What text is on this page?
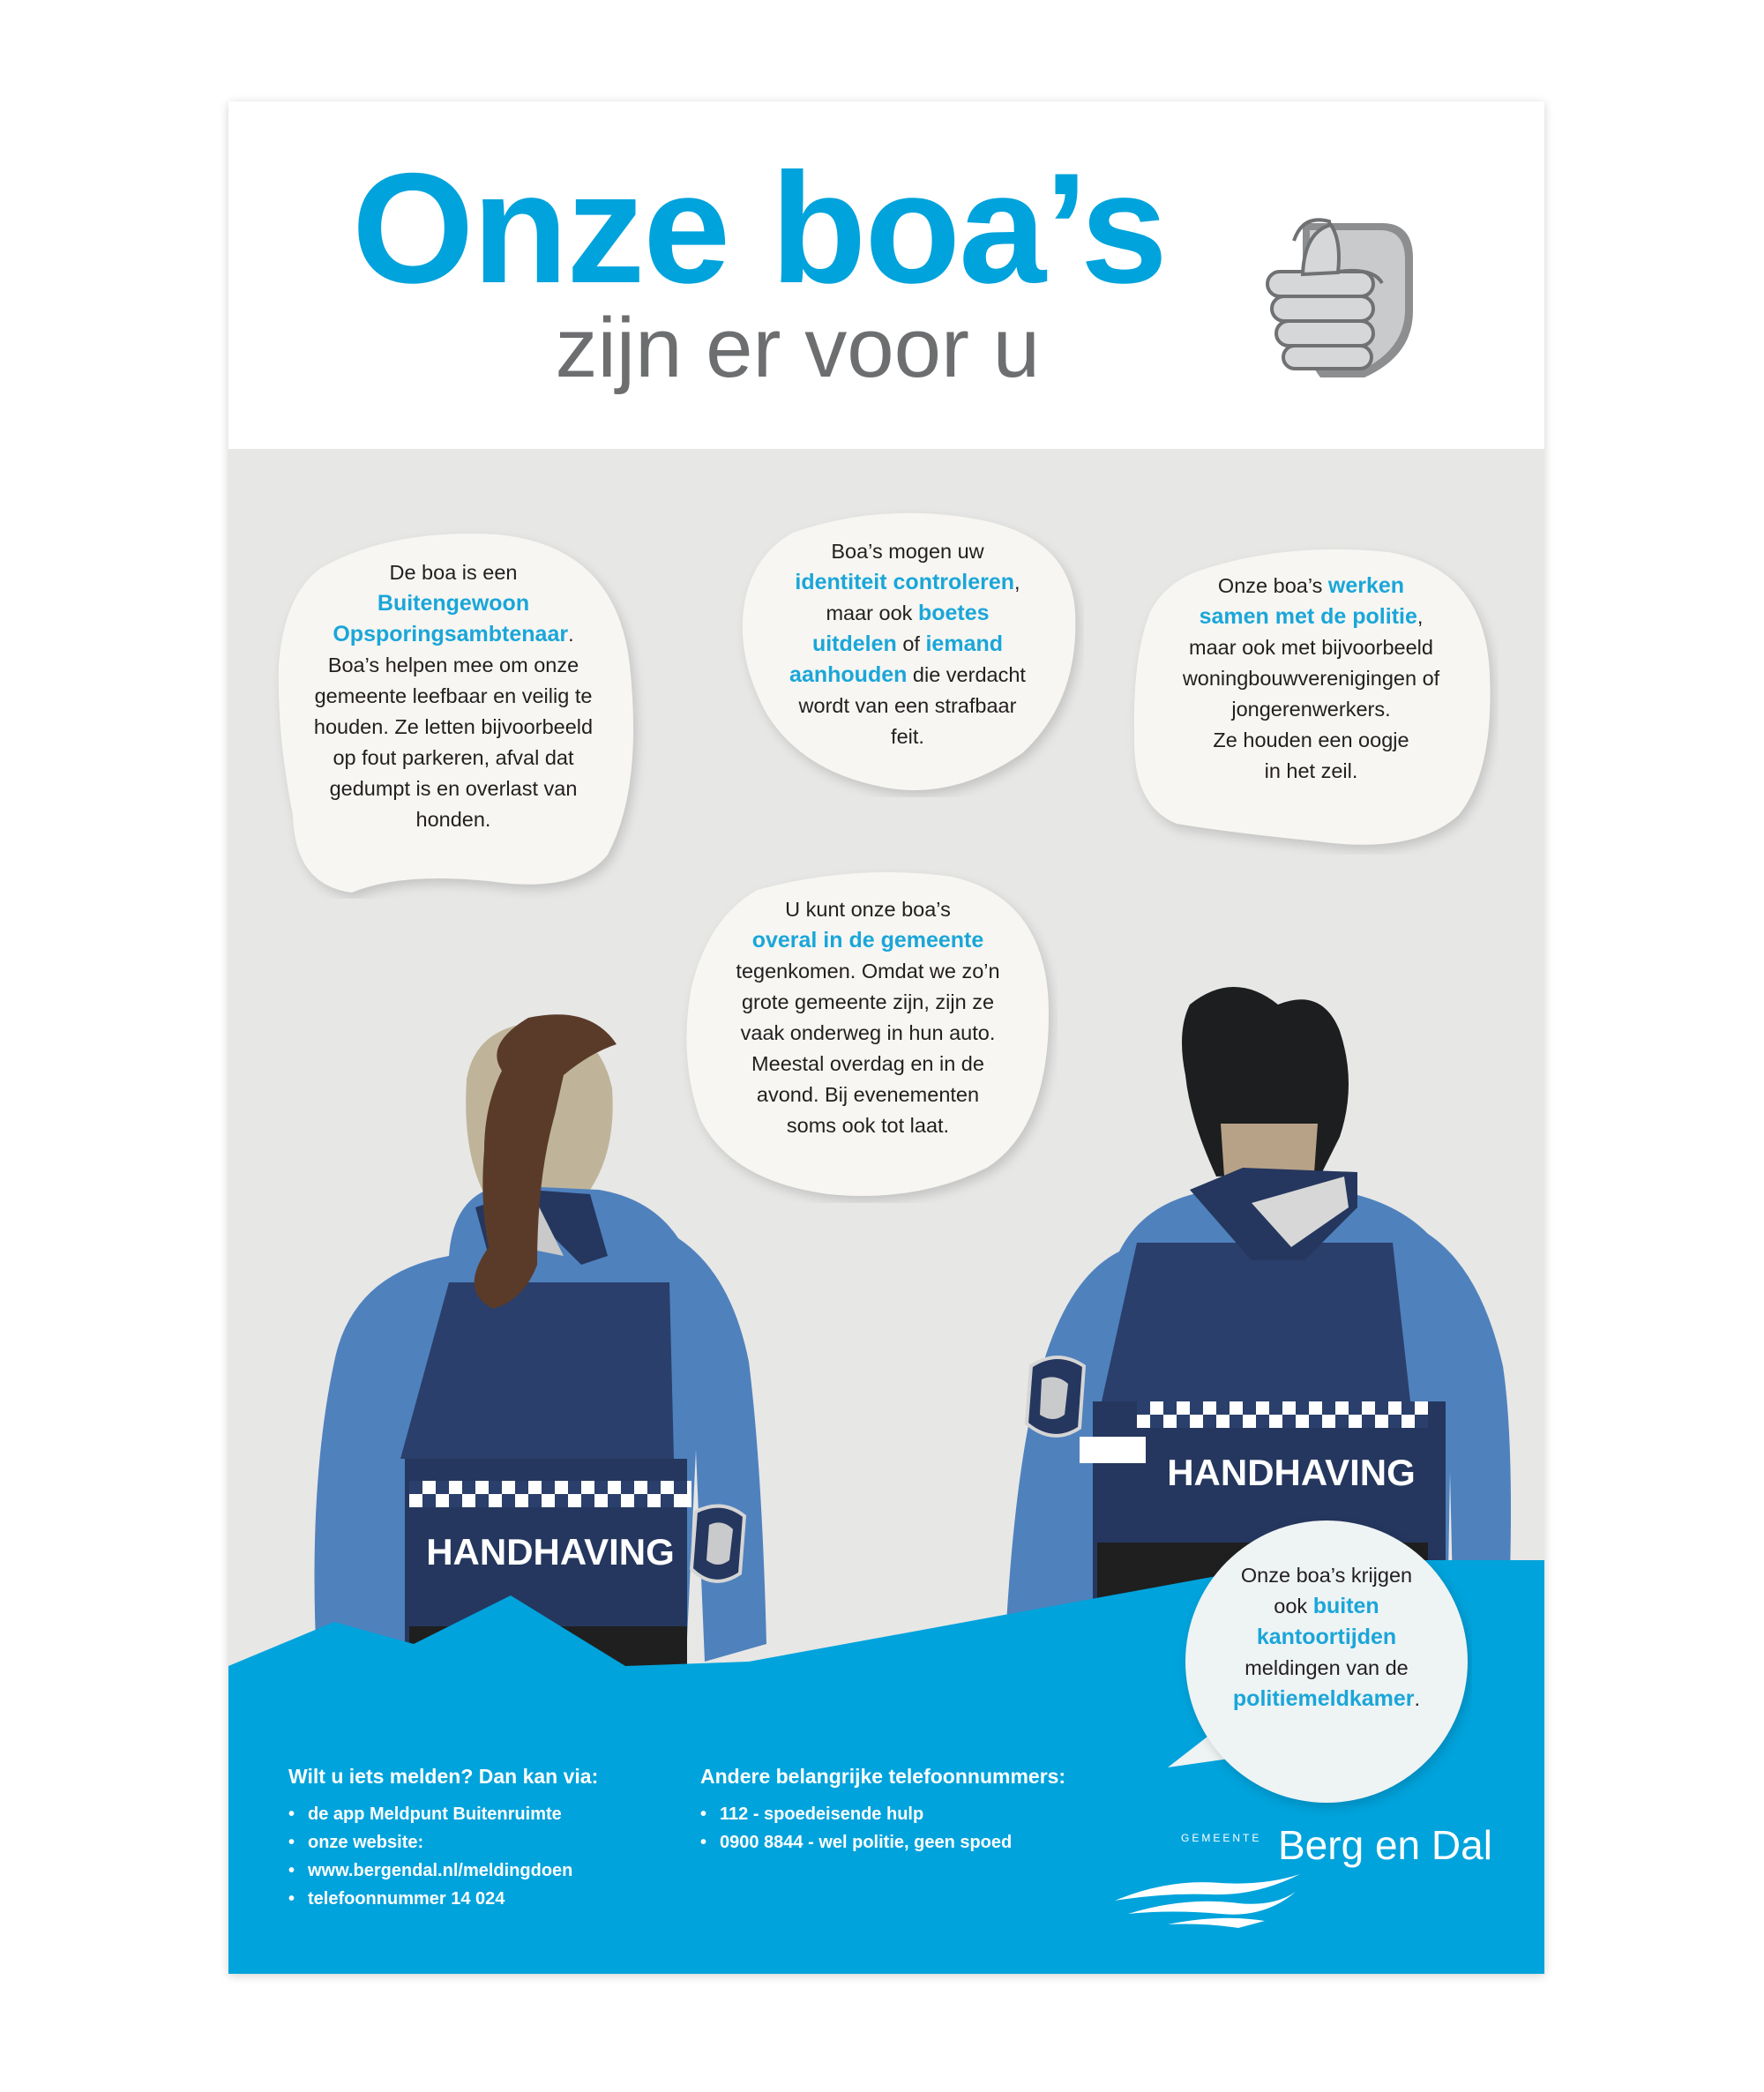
Onze boa’s
zijn er voor u
De boa is een
Buitengewoon
Opsporingsambtenaar.
Boa’s helpen mee om onze
gemeente leefbaar en veilig te
houden. Ze letten bijvoorbeeld
op fout parkeren, afval dat
gedumpt is en overlast van
honden.
Boa’s mogen uw
identiteit controleren,
maar ook boetes
uitdelen of iemand
aanhouden die verdacht
wordt van een strafbaar
feit.
Onze boa’s werken
samen met de politie,
maar ook met bijvoorbeeld
woningbouwverenigingen of
jongerenwerkers.
Ze houden een oogje
in het zeil.
U kunt onze boa’s
overal in de gemeente
tegenkomen. Omdat we zo’n
grote gemeente zijn, zijn ze
vaak onderweg in hun auto.
Meestal overdag en in de
avond. Bij evenementen
soms ook tot laat.
HANDHAVING
HANDHAVING
Onze boa’s krijgen
ook buiten
kantoortijden
meldingen van de
politiemeldkamer.
Wilt u iets melden? Dan kan via:
• de app Meldpunt Buitenruimte
• onze website:
• www.bergendal.nl/meldingdoen
• telefoonnummer 14 024
Andere belangrijke telefoonnummers:
• 112 - spoedeisende hulp
• 0900 8844 - wel politie, geen spoed	GEMEENTE Berg en Dal
